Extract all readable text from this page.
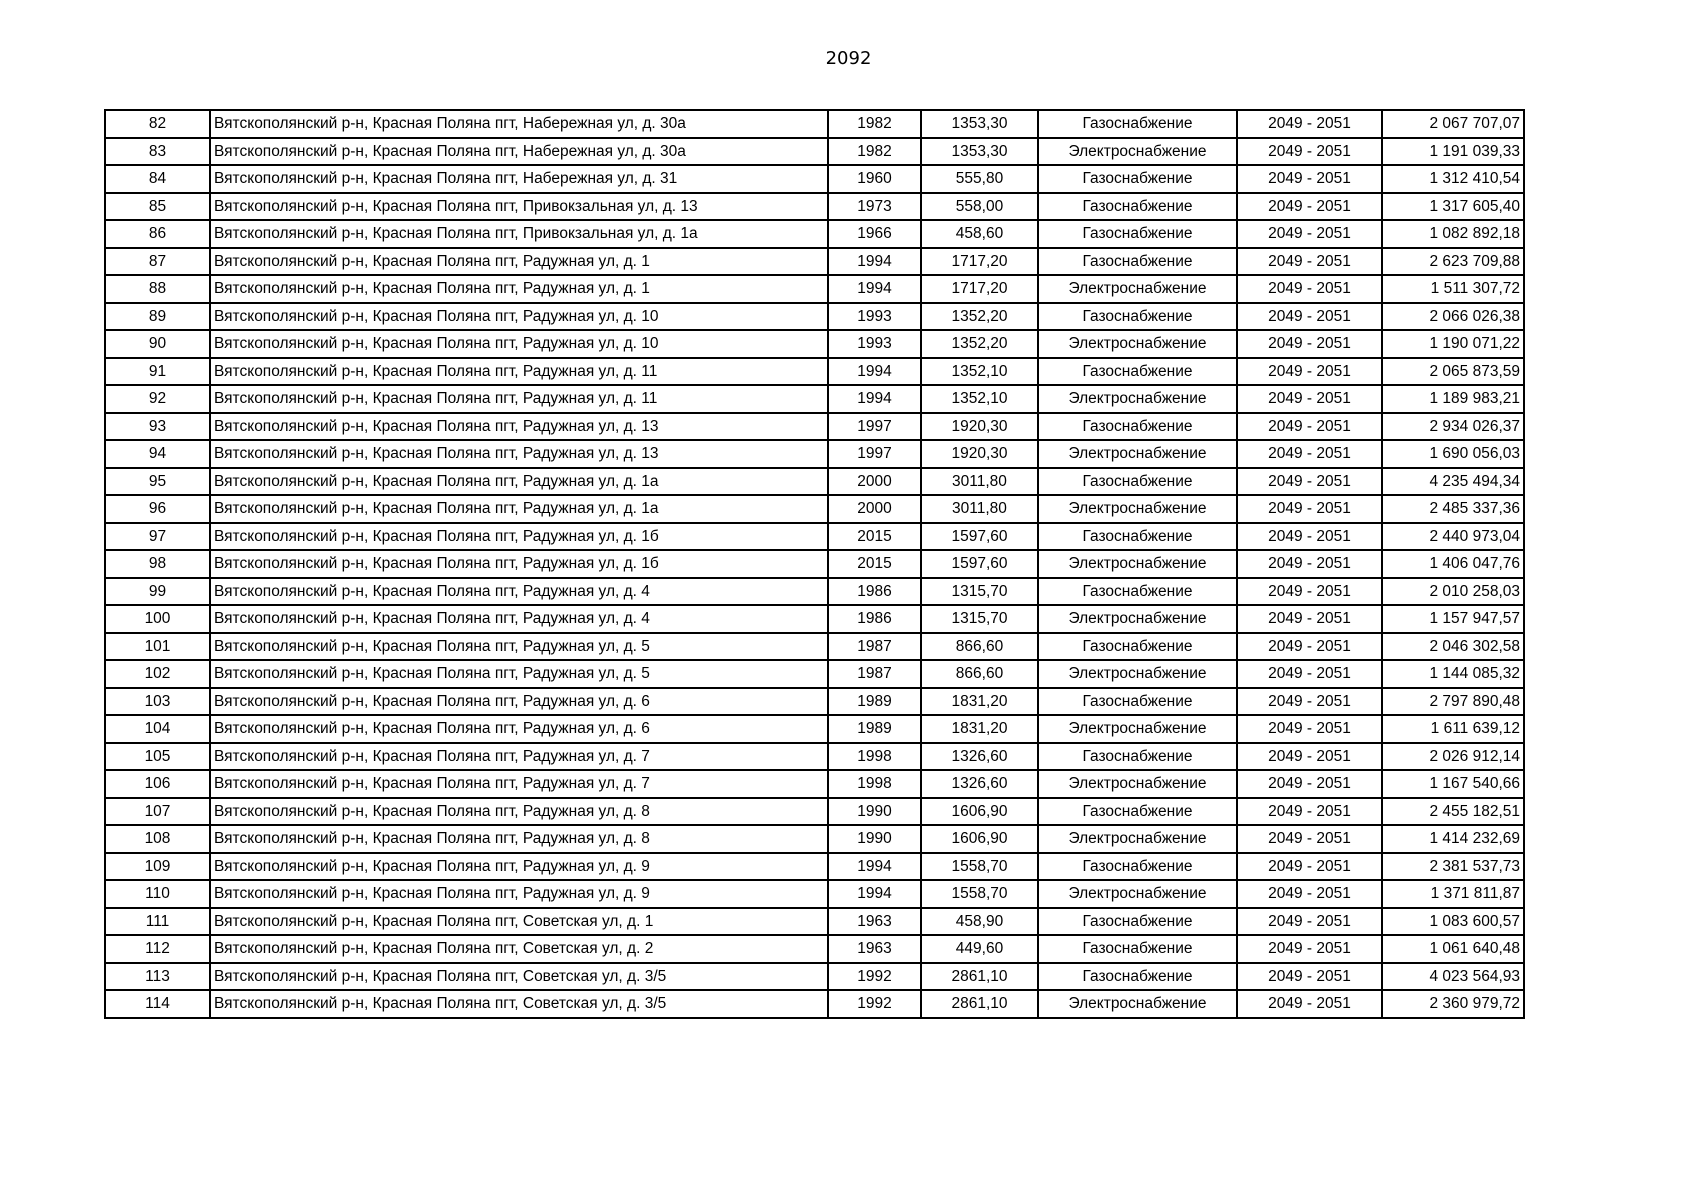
2092
82	Вятскополянский р-н, Красная Поляна пгт, Набережная ул, д. 30а	1982	1353,30	Газоснабжение	2049 - 2051	2 067 707,07
83	Вятскополянский р-н, Красная Поляна пгт, Набережная ул, д. 30а	1982	1353,30	Электроснабжение	2049 - 2051	1 191 039,33
84	Вятскополянский р-н, Красная Поляна пгт, Набережная ул, д. 31	1960	555,80	Газоснабжение	2049 - 2051	1 312 410,54
85	Вятскополянский р-н, Красная Поляна пгт, Привокзальная ул, д. 13	1973	558,00	Газоснабжение	2049 - 2051	1 317 605,40
86	Вятскополянский р-н, Красная Поляна пгт, Привокзальная ул, д. 1а	1966	458,60	Газоснабжение	2049 - 2051	1 082 892,18
87	Вятскополянский р-н, Красная Поляна пгт, Радужная ул, д. 1	1994	1717,20	Газоснабжение	2049 - 2051	2 623 709,88
88	Вятскополянский р-н, Красная Поляна пгт, Радужная ул, д. 1	1994	1717,20	Электроснабжение	2049 - 2051	1 511 307,72
89	Вятскополянский р-н, Красная Поляна пгт, Радужная ул, д. 10	1993	1352,20	Газоснабжение	2049 - 2051	2 066 026,38
90	Вятскополянский р-н, Красная Поляна пгт, Радужная ул, д. 10	1993	1352,20	Электроснабжение	2049 - 2051	1 190 071,22
91	Вятскополянский р-н, Красная Поляна пгт, Радужная ул, д. 11	1994	1352,10	Газоснабжение	2049 - 2051	2 065 873,59
92	Вятскополянский р-н, Красная Поляна пгт, Радужная ул, д. 11	1994	1352,10	Электроснабжение	2049 - 2051	1 189 983,21
93	Вятскополянский р-н, Красная Поляна пгт, Радужная ул, д. 13	1997	1920,30	Газоснабжение	2049 - 2051	2 934 026,37
94	Вятскополянский р-н, Красная Поляна пгт, Радужная ул, д. 13	1997	1920,30	Электроснабжение	2049 - 2051	1 690 056,03
95	Вятскополянский р-н, Красная Поляна пгт, Радужная ул, д. 1а	2000	3011,80	Газоснабжение	2049 - 2051	4 235 494,34
96	Вятскополянский р-н, Красная Поляна пгт, Радужная ул, д. 1а	2000	3011,80	Электроснабжение	2049 - 2051	2 485 337,36
97	Вятскополянский р-н, Красная Поляна пгт, Радужная ул, д. 1б	2015	1597,60	Газоснабжение	2049 - 2051	2 440 973,04
98	Вятскополянский р-н, Красная Поляна пгт, Радужная ул, д. 1б	2015	1597,60	Электроснабжение	2049 - 2051	1 406 047,76
99	Вятскополянский р-н, Красная Поляна пгт, Радужная ул, д. 4	1986	1315,70	Газоснабжение	2049 - 2051	2 010 258,03
100	Вятскополянский р-н, Красная Поляна пгт, Радужная ул, д. 4	1986	1315,70	Электроснабжение	2049 - 2051	1 157 947,57
101	Вятскополянский р-н, Красная Поляна пгт, Радужная ул, д. 5	1987	866,60	Газоснабжение	2049 - 2051	2 046 302,58
102	Вятскополянский р-н, Красная Поляна пгт, Радужная ул, д. 5	1987	866,60	Электроснабжение	2049 - 2051	1 144 085,32
103	Вятскополянский р-н, Красная Поляна пгт, Радужная ул, д. 6	1989	1831,20	Газоснабжение	2049 - 2051	2 797 890,48
104	Вятскополянский р-н, Красная Поляна пгт, Радужная ул, д. 6	1989	1831,20	Электроснабжение	2049 - 2051	1 611 639,12
105	Вятскополянский р-н, Красная Поляна пгт, Радужная ул, д. 7	1998	1326,60	Газоснабжение	2049 - 2051	2 026 912,14
106	Вятскополянский р-н, Красная Поляна пгт, Радужная ул, д. 7	1998	1326,60	Электроснабжение	2049 - 2051	1 167 540,66
107	Вятскополянский р-н, Красная Поляна пгт, Радужная ул, д. 8	1990	1606,90	Газоснабжение	2049 - 2051	2 455 182,51
108	Вятскополянский р-н, Красная Поляна пгт, Радужная ул, д. 8	1990	1606,90	Электроснабжение	2049 - 2051	1 414 232,69
109	Вятскополянский р-н, Красная Поляна пгт, Радужная ул, д. 9	1994	1558,70	Газоснабжение	2049 - 2051	2 381 537,73
110	Вятскополянский р-н, Красная Поляна пгт, Радужная ул, д. 9	1994	1558,70	Электроснабжение	2049 - 2051	1 371 811,87
111	Вятскополянский р-н, Красная Поляна пгт, Советская ул, д. 1	1963	458,90	Газоснабжение	2049 - 2051	1 083 600,57
112	Вятскополянский р-н, Красная Поляна пгт, Советская ул, д. 2	1963	449,60	Газоснабжение	2049 - 2051	1 061 640,48
113	Вятскополянский р-н, Красная Поляна пгт, Советская ул, д. 3/5	1992	2861,10	Газоснабжение	2049 - 2051	4 023 564,93
114	Вятскополянский р-н, Красная Поляна пгт, Советская ул, д. 3/5	1992	2861,10	Электроснабжение	2049 - 2051	2 360 979,72
